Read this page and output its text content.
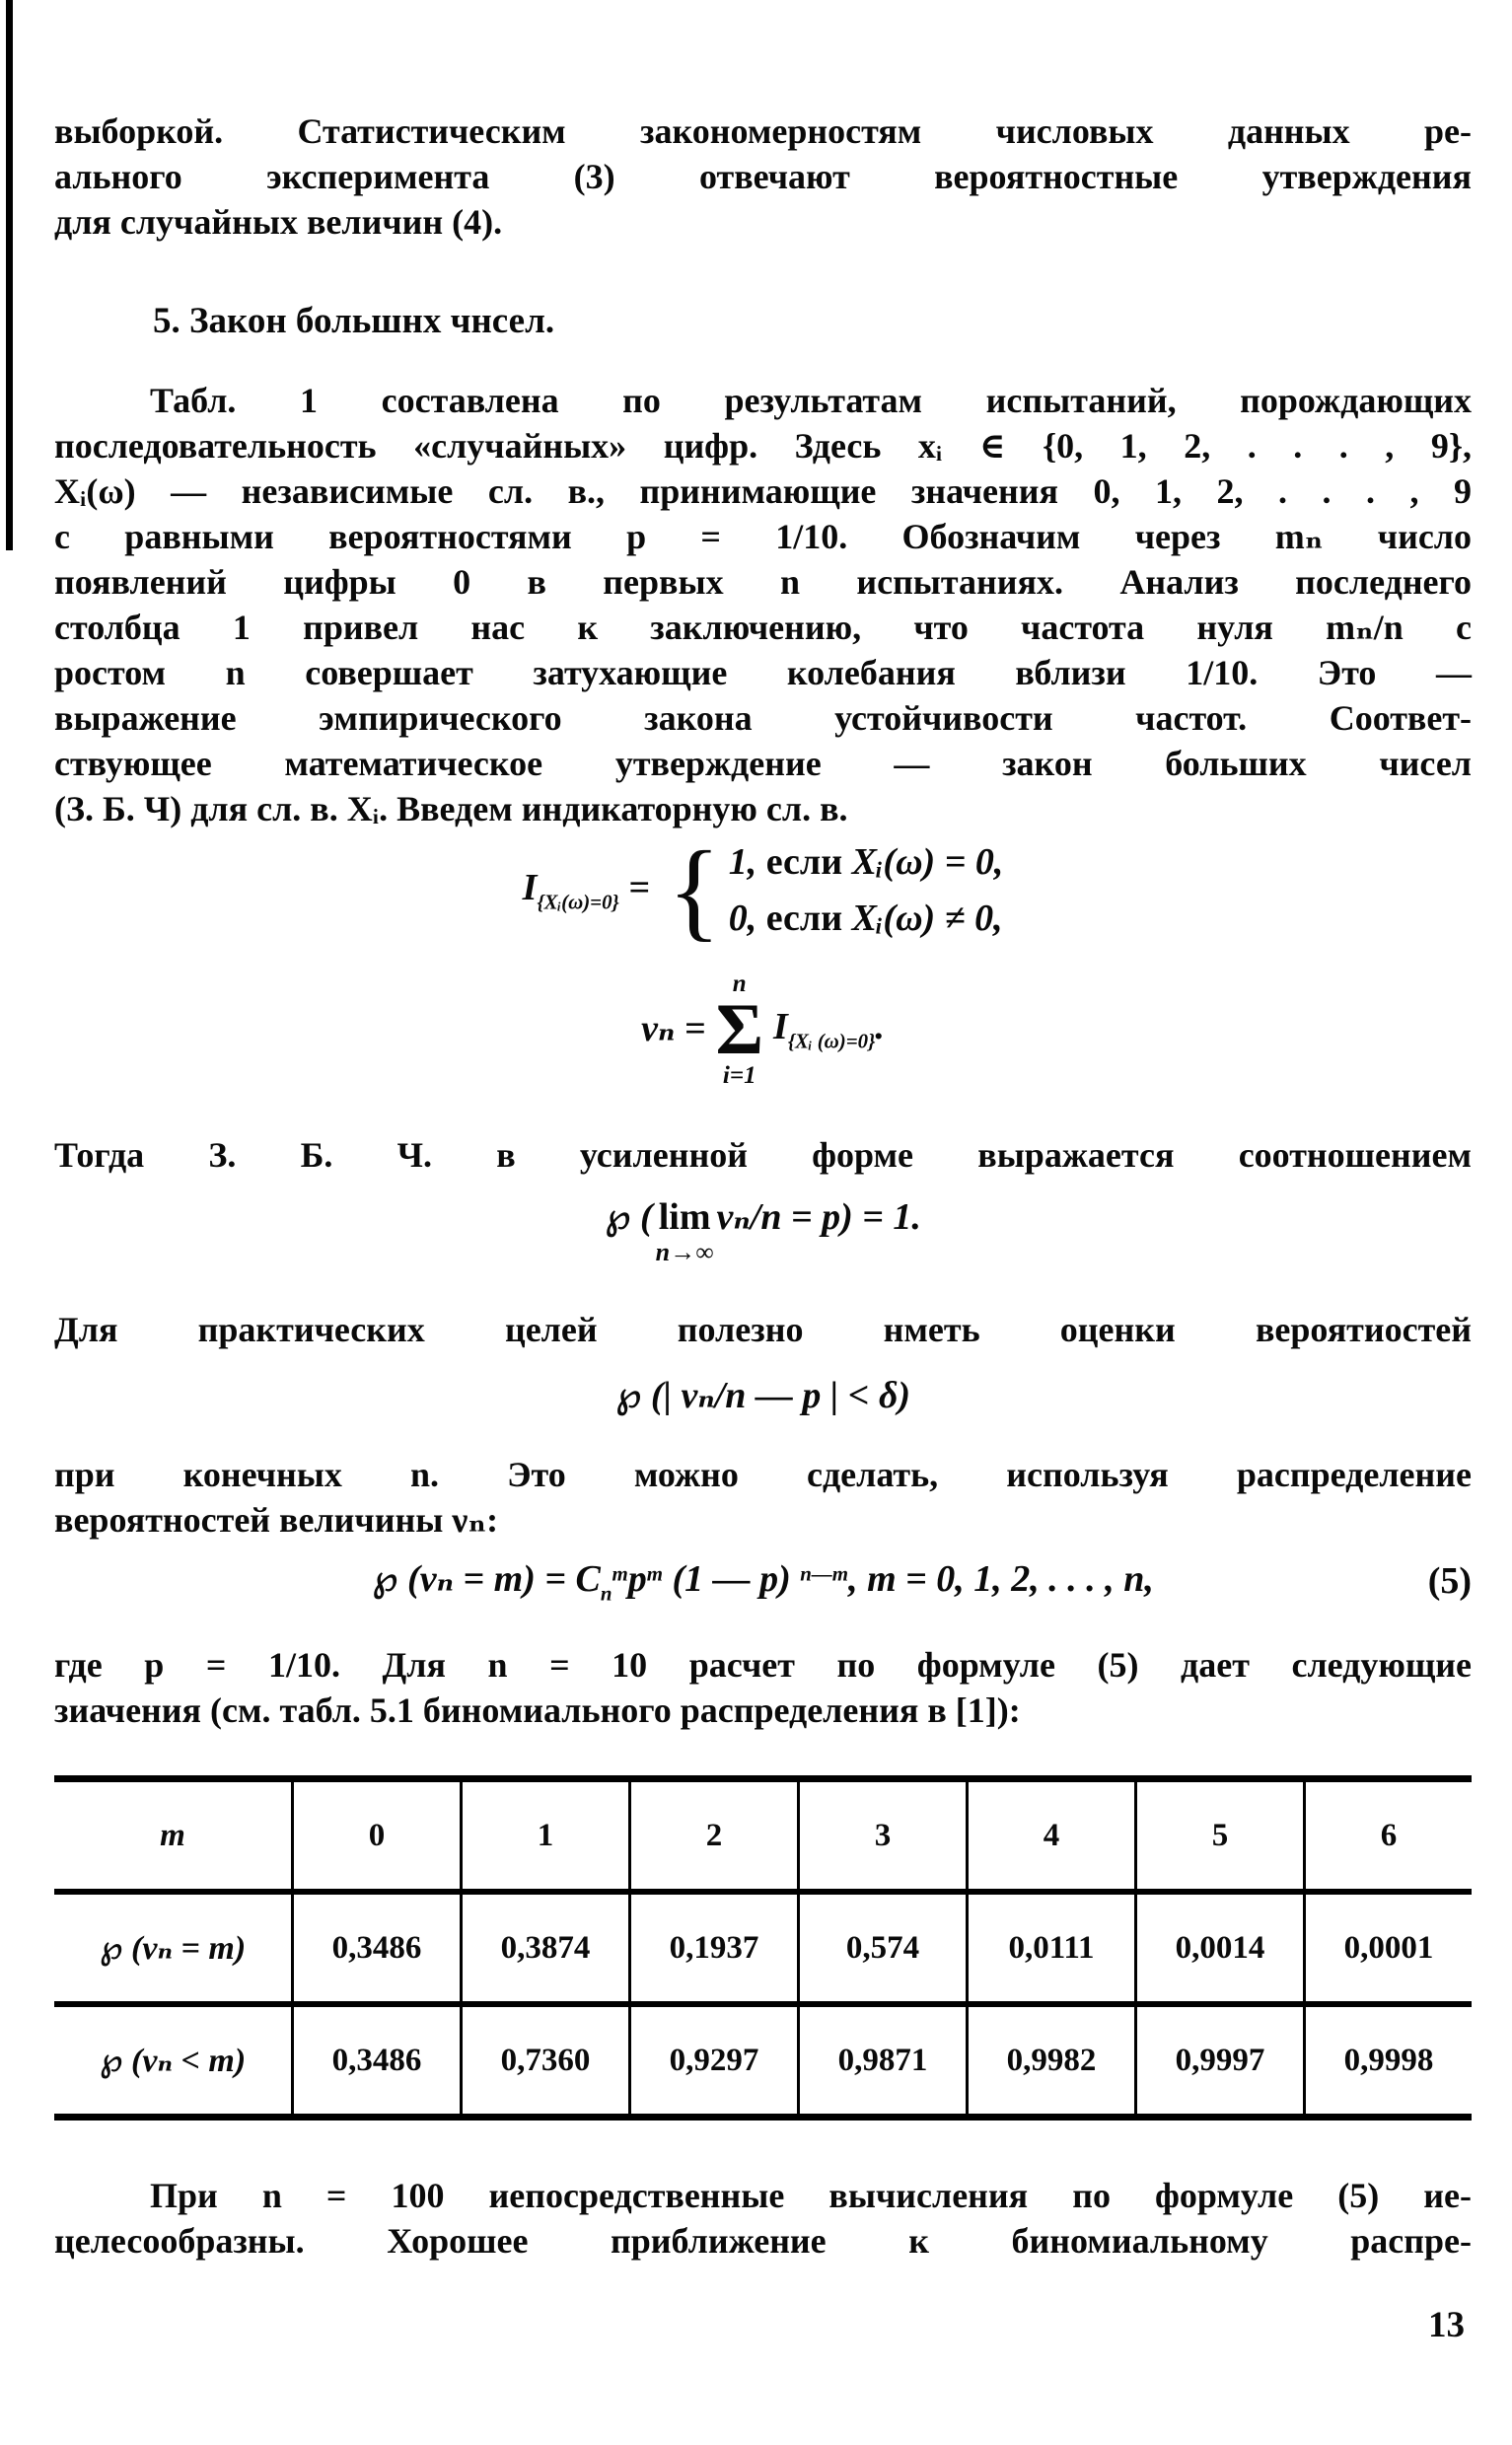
выборкой. Статистическим закономерностям числовых данных ре-
ального эксперимента (3) отвечают вероятностные утверждения
для случайных величин (4).
5. Закон большнх чнсел.
Табл. 1 составлена по результатам испытаний, порождающих
последовательность «случайных» цифр. Здесь xᵢ ∈ {0, 1, 2, . . . , 9},
Xᵢ(ω) — независимые сл. в., принимающие значения 0, 1, 2, . . . , 9
с равными вероятностями p = 1/10. Обозначим через mₙ число
появлений цифры 0 в первых n испытаниях. Анализ последнего
столбца 1 привел нас к заключению, что частота нуля mₙ/n с
ростом n совершает затухающие колебания вблизи 1/10. Это —
выражение эмпирического закона устойчивости частот. Соответ-
ствующее математическое утверждение — закон больших чисел
(З. Б. Ч) для сл. в. Xᵢ. Введем индикаторную сл. в.
$I_{\{Xᵢ(\omega)=0\}}$ = { 1, если Xᵢ(ω) = 0,
0, если Xᵢ(ω) ≠ 0,
νₙ =
n
Σ
i=1
$I_{\{Xᵢ (\omega)=0\}}$.
Тогда З. Б. Ч. в усиленной форме выражается соотношением
℘ ( lim
n→∞
νₙ/n = p) = 1.
Для практических целей полезно нметь оценки вероятиостей
℘ (| νₙ/n — p | < δ)
при конечных n. Это можно сделать, используя распределение
вероятностей величины νₙ:
℘ $(\nu_n = m) = C_n^mp^m$ (1 — p) $^{n—m}$, m = 0, 1, 2, . . . , n,	(5)
где p = 1/10. Для n = 10 расчет по формуле (5) дает следующие
зиачения (см. табл. 5.1 биномиального распределения в [1]):
m	0	1	2	3	4	5	6
℘ (νₙ = m)	0,3486	0,3874	0,1937	0,574	0,0111	0,0014	0,0001
℘ (νₙ < m)	0,3486	0,7360	0,9297	0,9871	0,9982	0,9997	0,9998
При n = 100 иепосредственные вычисления по формуле (5) ие-
целесообразны. Хорошее приближение к биномиальному распре-
13
